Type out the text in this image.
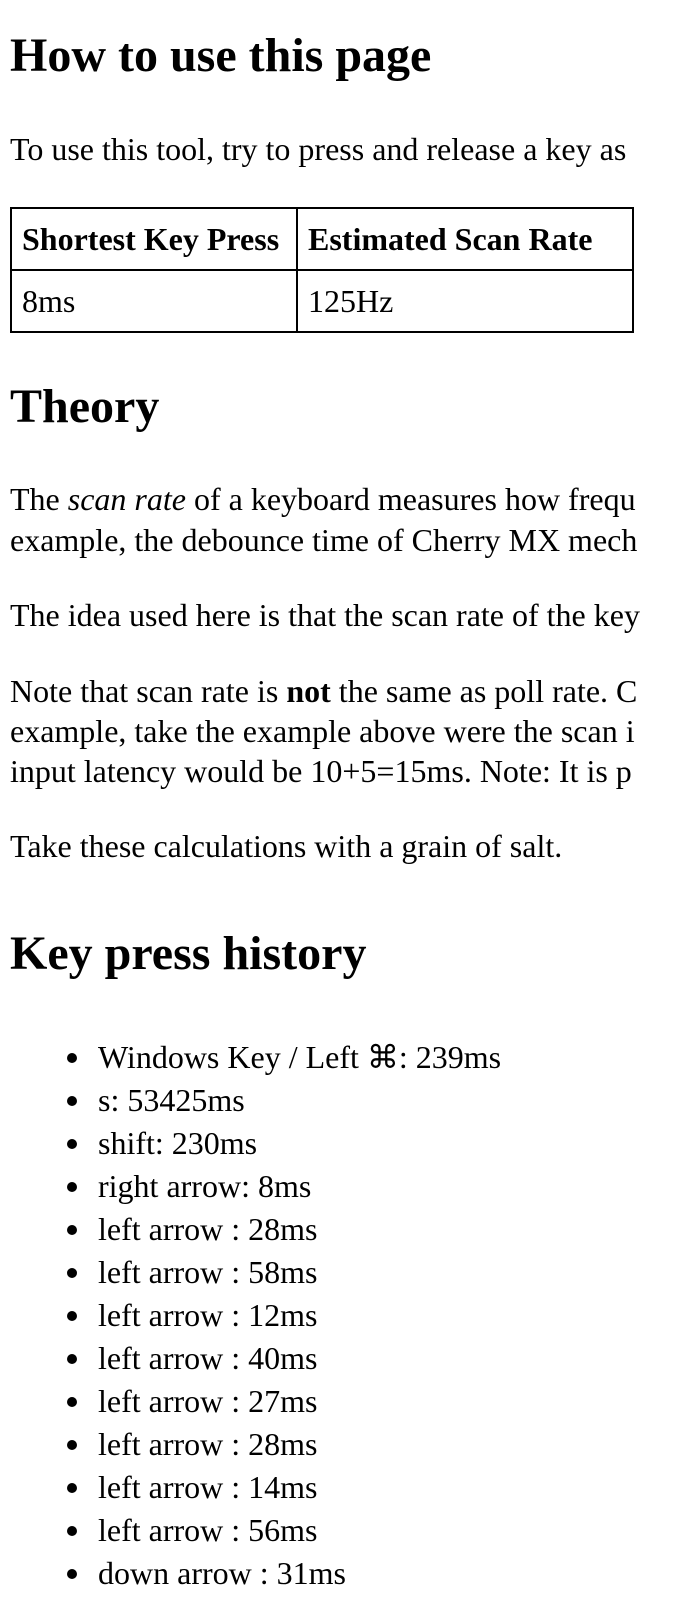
How to use this page
To use this tool, try to press and release a key as
Shortest Key Press	Estimated Scan Rate
8ms	125Hz
Theory
The scan rate of a keyboard measures how frequ
example, the debounce time of Cherry MX mech
The idea used here is that the scan rate of the key
Note that scan rate is not the same as poll rate. C
example, take the example above were the scan i
input latency would be 10+5=15ms. Note: It is p
Take these calculations with a grain of salt.
Key press history
Windows Key / Left ⌘: 239ms
s: 53425ms
shift: 230ms
right arrow: 8ms
left arrow : 28ms
left arrow : 58ms
left arrow : 12ms
left arrow : 40ms
left arrow : 27ms
left arrow : 28ms
left arrow : 14ms
left arrow : 56ms
down arrow : 31ms
